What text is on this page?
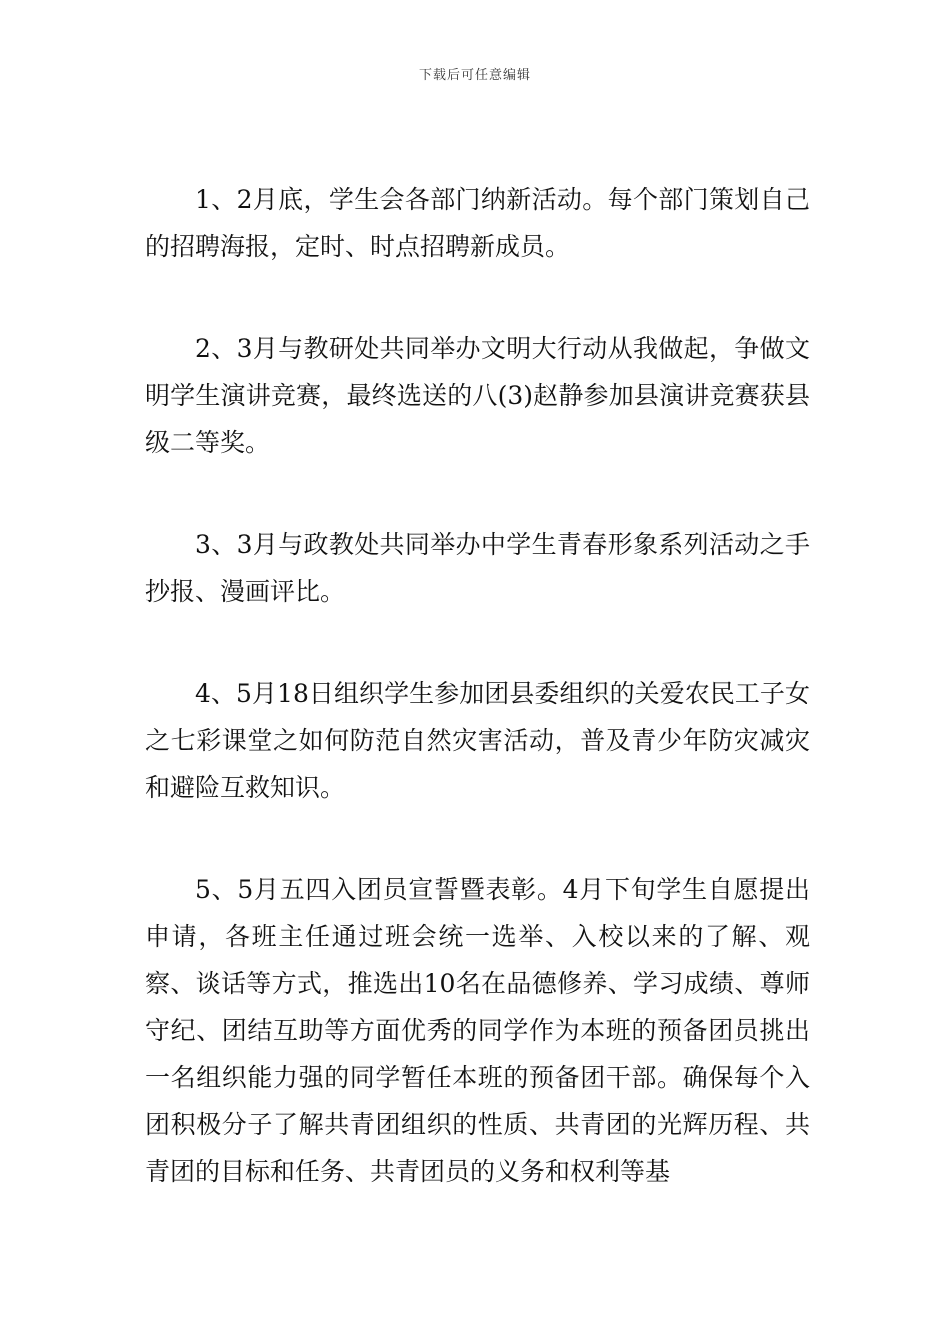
下载后可任意编辑

1、2月底，学生会各部门纳新活动。每个部门策划自己的招聘海报，定时、时点招聘新成员。

2、3月与教研处共同举办文明大行动从我做起，争做文明学生演讲竞赛，最终选送的八(3)赵静参加县演讲竞赛获县级二等奖。

3、3月与政教处共同举办中学生青春形象系列活动之手抄报、漫画评比。

4、5月18日组织学生参加团县委组织的关爱农民工子女之七彩课堂之如何防范自然灾害活动，普及青少年防灾减灾和避险互救知识。

5、5月五四入团员宣誓暨表彰。4月下旬学生自愿提出申请，各班主任通过班会统一选举、入校以来的了解、观察、谈话等方式，推选出10名在品德修养、学习成绩、尊师守纪、团结互助等方面优秀的同学作为本班的预备团员挑出一名组织能力强的同学暂任本班的预备团干部。确保每个入团积极分子了解共青团组织的性质、共青团的光辉历程、共青团的目标和任务、共青团员的义务和权利等基
